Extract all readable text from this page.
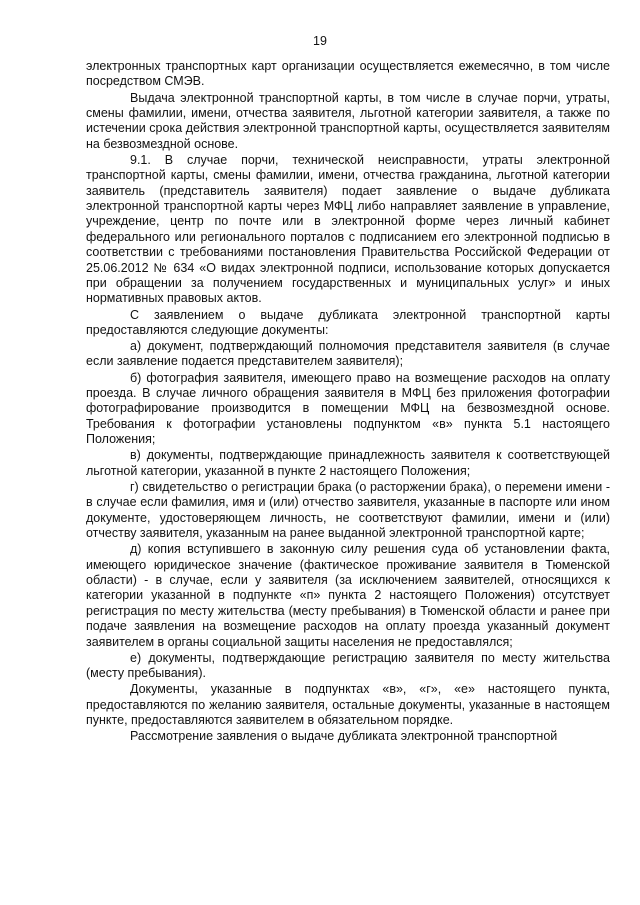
19

электронных транспортных карт организации осуществляется ежемесячно, в том числе посредством СМЭВ.

Выдача электронной транспортной карты, в том числе в случае порчи, утраты, смены фамилии, имени, отчества заявителя, льготной категории заявителя, а также по истечении срока действия электронной транспортной карты, осуществляется заявителям на безвозмездной основе.

9.1. В случае порчи, технической неисправности, утраты электронной транспортной карты, смены фамилии, имени, отчества гражданина, льготной категории заявитель (представитель заявителя) подает заявление о выдаче дубликата электронной транспортной карты через МФЦ либо направляет заявление в управление, учреждение, центр по почте или в электронной форме через личный кабинет федерального или регионального порталов с подписанием его электронной подписью в соответствии с требованиями постановления Правительства Российской Федерации от 25.06.2012 № 634 «О видах электронной подписи, использование которых допускается при обращении за получением государственных и муниципальных услуг» и иных нормативных правовых актов.

С заявлением о выдаче дубликата электронной транспортной карты предоставляются следующие документы:

а) документ, подтверждающий полномочия представителя заявителя (в случае если заявление подается представителем заявителя);

б) фотография заявителя, имеющего право на возмещение расходов на оплату проезда. В случае личного обращения заявителя в МФЦ без приложения фотографии фотографирование производится в помещении МФЦ на безвозмездной основе. Требования к фотографии установлены подпунктом «в» пункта 5.1 настоящего Положения;

в) документы, подтверждающие принадлежность заявителя к соответствующей льготной категории, указанной в пункте 2 настоящего Положения;

г) свидетельство о регистрации брака (о расторжении брака), о перемени имени - в случае если фамилия, имя и (или) отчество заявителя, указанные в паспорте или ином документе, удостоверяющем личность, не соответствуют фамилии, имени и (или) отчеству заявителя, указанным на ранее выданной электронной транспортной карте;

д) копия вступившего в законную силу решения суда об установлении факта, имеющего юридическое значение (фактическое проживание заявителя в Тюменской области) - в случае, если у заявителя (за исключением заявителей, относящихся к категории указанной в подпункте «п» пункта 2 настоящего Положения) отсутствует регистрация по месту жительства (месту пребывания) в Тюменской области и ранее при подаче заявления на возмещение расходов на оплату проезда указанный документ заявителем в органы социальной защиты населения не предоставлялся;

е) документы, подтверждающие регистрацию заявителя по месту жительства (месту пребывания).

Документы, указанные в подпунктах «в», «г», «е» настоящего пункта, предоставляются по желанию заявителя, остальные документы, указанные в настоящем пункте, предоставляются заявителем в обязательном порядке.

Рассмотрение заявления о выдаче дубликата электронной транспортной
